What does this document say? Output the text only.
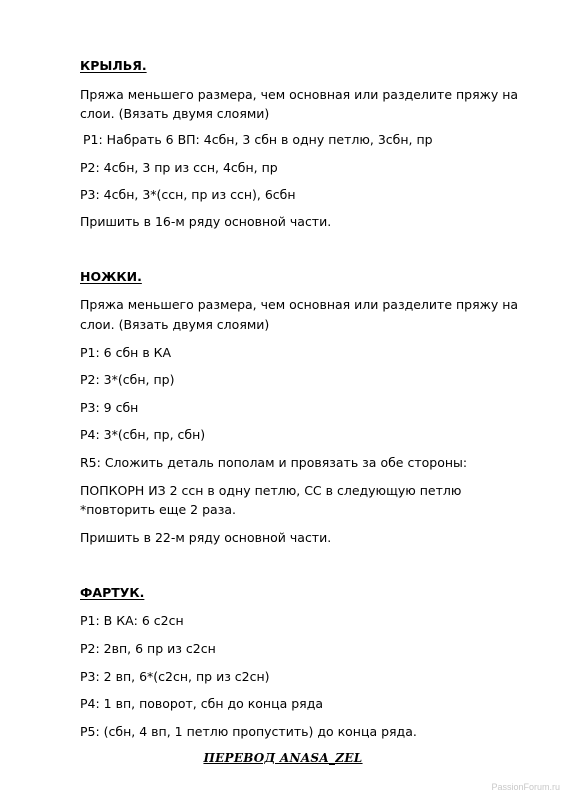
КРЫЛЬЯ.
Пряжа меньшего размера, чем основная или разделите пряжу на
слои. (Вязать двумя слоями)
Р1: Набрать 6 ВП: 4сбн, 3 сбн в одну петлю, 3сбн, пр
Р2: 4сбн, 3 пр из ссн, 4сбн, пр
Р3: 4сбн, 3*(ссн, пр из ссн), 6сбн
Пришить в 16-м ряду основной части.
НОЖКИ.
Пряжа меньшего размера, чем основная или разделите пряжу на
слои. (Вязать двумя слоями)
Р1: 6 сбн в КА
Р2: 3*(сбн, пр)
Р3: 9 сбн
Р4: 3*(сбн, пр, сбн)
R5: Сложить деталь пополам и провязать за обе стороны:
ПОПКОРН ИЗ 2 ссн в одну петлю, СС в следующую петлю
*повторить еще 2 раза.
Пришить в 22-м ряду основной части.
ФАРТУК.
Р1: В КА: 6 с2сн
Р2: 2вп, 6 пр из с2сн
Р3: 2 вп, 6*(с2сн, пр из с2сн)
Р4: 1 вп, поворот, сбн до конца ряда
Р5: (сбн, 4 вп, 1 петлю пропустить) до конца ряда.
ПЕРЕВОД ANASA_ZEL
PassionForum.ru
